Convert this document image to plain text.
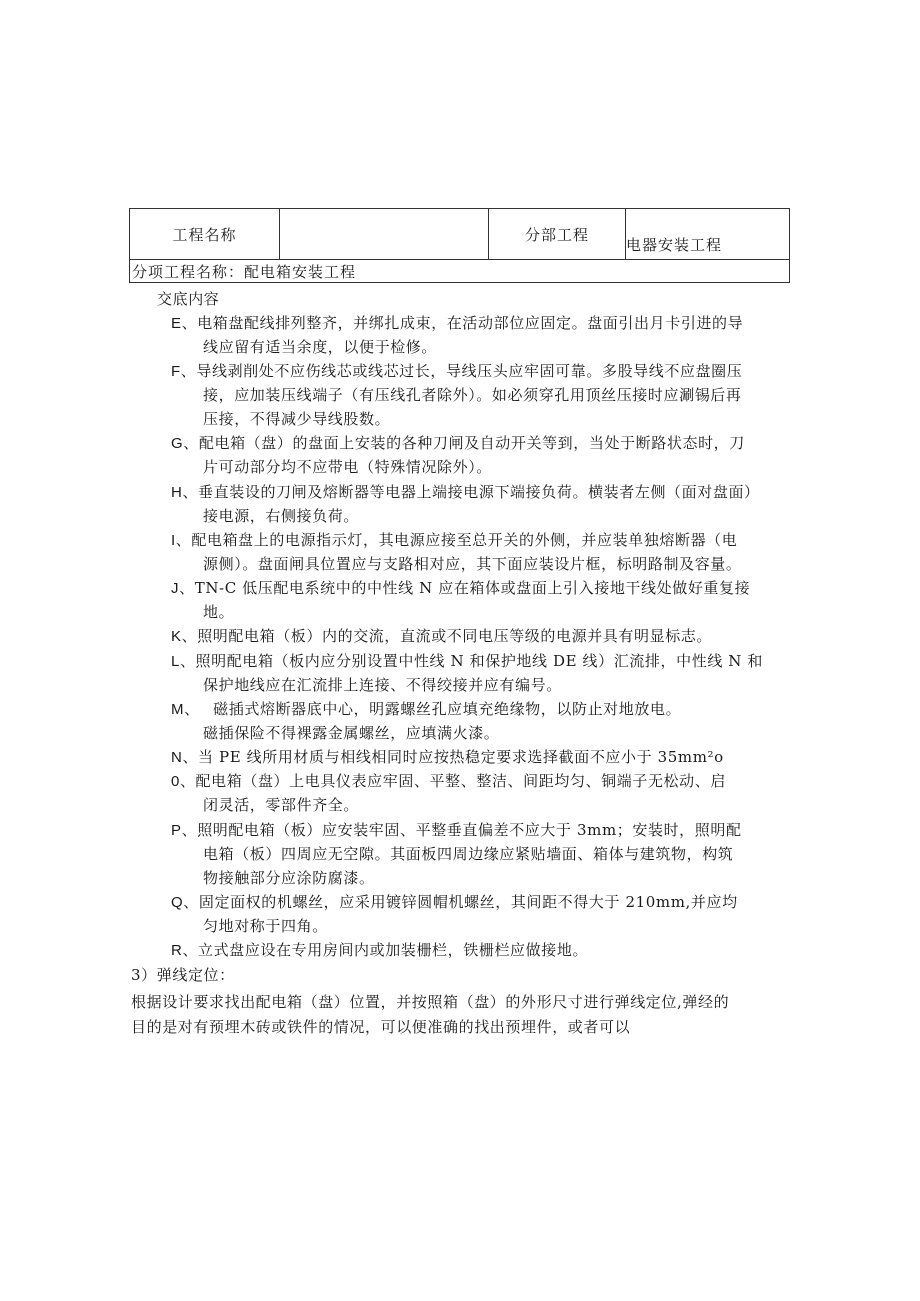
工程名称		分部工程	电器安装工程
分项工程名称：配电箱安装工程
交底内容
E、电箱盘配线排列整齐，并绑扎成束，在活动部位应固定。盘面引出月卡引进的导
线应留有适当余度，以便于检修。
F、导线剥削处不应伤线芯或线芯过长，导线压头应牢固可靠。多股导线不应盘圈压
接，应加装压线端子（有压线孔者除外）。如必须穿孔用顶丝压接时应涮锡后再
压接，不得减少导线股数。
G、配电箱（盘）的盘面上安装的各种刀闸及自动开关等到，当处于断路状态时，刀
片可动部分均不应带电（特殊情况除外）。
H、垂直装设的刀闸及熔断器等电器上端接电源下端接负荷。横装者左侧（面对盘面）
接电源，右侧接负荷。
I、配电箱盘上的电源指示灯，其电源应接至总开关的外侧，并应装单独熔断器（电
源侧）。盘面闸具位置应与支路相对应，其下面应装设片框，标明路制及容量。
J、TN-C 低压配电系统中的中性线 N 应在箱体或盘面上引入接地干线处做好重复接
地。
K、照明配电箱（板）内的交流，直流或不同电压等级的电源并具有明显标志。
L、照明配电箱（板内应分别设置中性线 N 和保护地线 DE 线）汇流排，中性线 N 和
保护地线应在汇流排上连接、不得绞接并应有编号。
M、　 磁插式熔断器底中心，明露螺丝孔应填充绝缘物，以防止对地放电。
磁插保险不得裸露金属螺丝，应填满火漆。
N、当 PE 线所用材质与相线相同时应按热稳定要求选择截面不应小于 35mm²o
0、配电箱（盘）上电具仪表应牢固、平整、整洁、间距均匀、铜端子无松动、启
闭灵活，零部件齐全。
P、照明配电箱（板）应安装牢固、平整垂直偏差不应大于 3mm；安装时，照明配
电箱（板）四周应无空隙。其面板四周边缘应紧贴墙面、箱体与建筑物，构筑
物接触部分应涂防腐漆。
Q、固定面权的机螺丝，应采用镀锌圆帽机螺丝，其间距不得大于 210mm,并应均
匀地对称于四角。
R、立式盘应设在专用房间内或加装栅栏，铁栅栏应做接地。
3）弹线定位：
根据设计要求找出配电箱（盘）位置，并按照箱（盘）的外形尺寸进行弹线定位,弹经的
目的是对有预埋木砖或铁件的情况，可以便准确的找出预埋件，或者可以
